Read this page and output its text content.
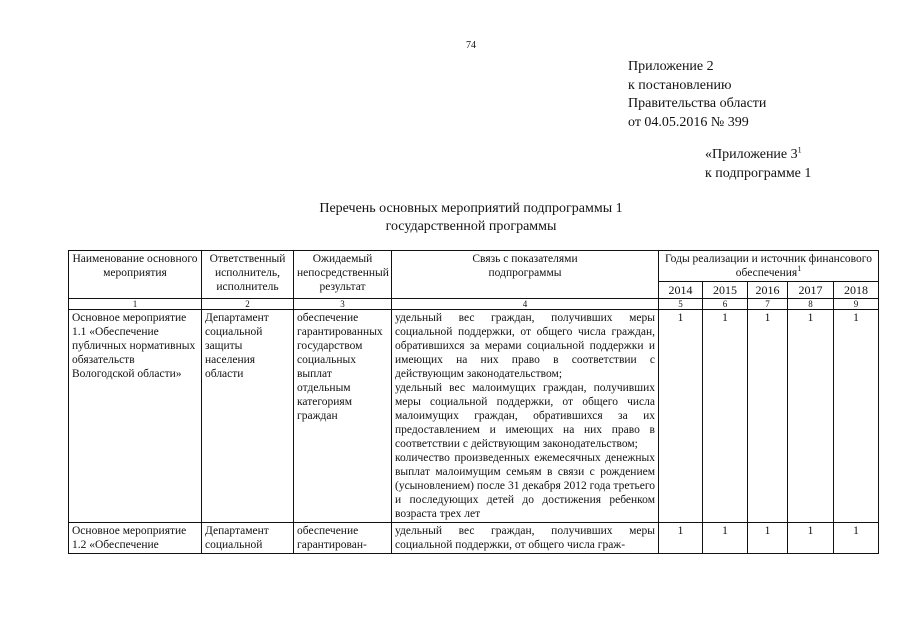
74
Приложение 2
к постановлению
Правительства области
от 04.05.2016 № 399
«Приложение $3^1$
к подпрограмме 1
Перечень основных мероприятий подпрограммы 1
государственной программы
Наименование основного мероприятия	Ответственный исполнитель, исполнитель	Ожидаемый непосредственный результат	Связь с показателями подпрограммы	Годы реализации и источник финансового обеспечения$^1$
				2014	2015	2016	2017	2018
1	2	3	4	5	6	7	8	9
Основное мероприятие 1.1 «Обеспечение публичных нормативных обязательств Вологодской области»	Департамент социальной защиты населения области	обеспечение гарантированных государством социальных выплат отдельным категориям граждан	удельный вес граждан, получивших меры социальной поддержки, от общего числа граждан, обратившихся за мерами социальной поддержки и имеющих на них право в соответствии с действующим законодательством;
удельный вес малоимущих граждан, получивших меры социальной поддержки, от общего числа малоимущих граждан, обратившихся за их предоставлением и имеющих на них право в соответствии с действующим законодательством;
количество произведенных ежемесячных денежных выплат малоимущим семьям в связи с рождением (усыновлением) после 31 декабря 2012 года третьего и последующих детей до достижения ребенком возраста трех лет	1	1	1	1	1
Основное мероприятие 1.2 «Обеспечение	Департамент социальной	обеспечение гарантирован-	удельный вес граждан, получивших меры социальной поддержки, от общего числа граж-	1	1	1	1	1
